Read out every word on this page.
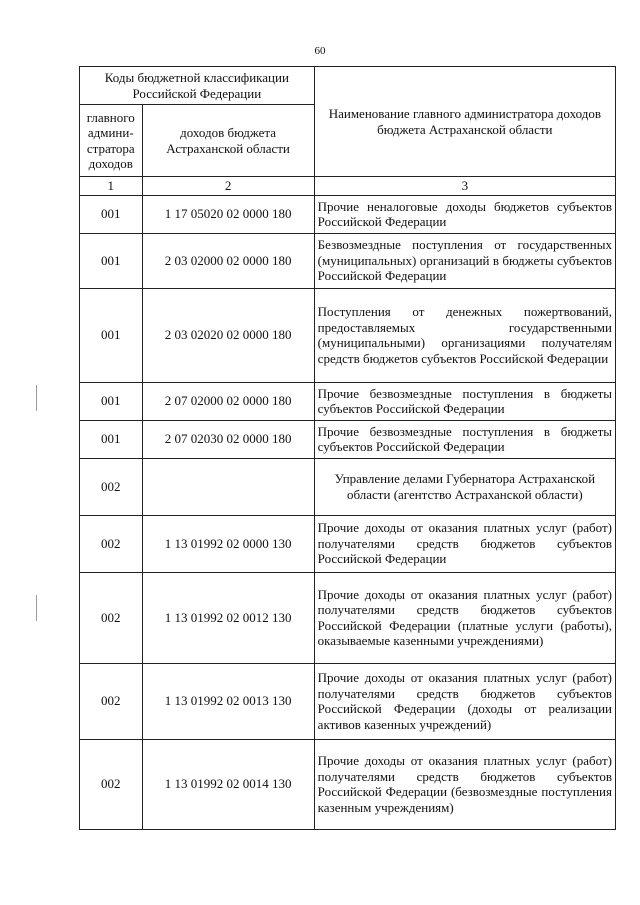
60
Коды бюджетной классификации Российской Федерации		Наименование главного администратора доходов бюджета Астраханской области
главного админи-стратора доходов	доходов бюджета Астраханской области	
1	2	3
001	1 17 05020 02 0000 180	Прочие неналоговые доходы бюджетов субъектов Российской Федерации
001	2 03 02000 02 0000 180	Безвозмездные поступления от государственных (муниципальных) организаций в бюджеты субъектов Российской Федерации
001	2 03 02020 02 0000 180	Поступления от денежных пожертвований, предоставляемых государственными (муниципальными) организациями получателям средств бюджетов субъектов Российской Федерации
001	2 07 02000 02 0000 180	Прочие безвозмездные поступления в бюджеты субъектов Российской Федерации
001	2 07 02030 02 0000 180	Прочие безвозмездные поступления в бюджеты субъектов Российской Федерации
002		Управление делами Губернатора Астраханской области (агентство Астраханской области)
002	1 13 01992 02 0000 130	Прочие доходы от оказания платных услуг (работ) получателями средств бюджетов субъектов Российской Федерации
002	1 13 01992 02 0012 130	Прочие доходы от оказания платных услуг (работ) получателями средств бюджетов субъектов Российской Федерации (платные услуги (работы), оказываемые казенными учреждениями)
002	1 13 01992 02 0013 130	Прочие доходы от оказания платных услуг (работ) получателями средств бюджетов субъектов Российской Федерации (доходы от реализации активов казенных учреждений)
002	1 13 01992 02 0014 130	Прочие доходы от оказания платных услуг (работ) получателями средств бюджетов субъектов Российской Федерации (безвозмездные поступления казенным учреждениям)
